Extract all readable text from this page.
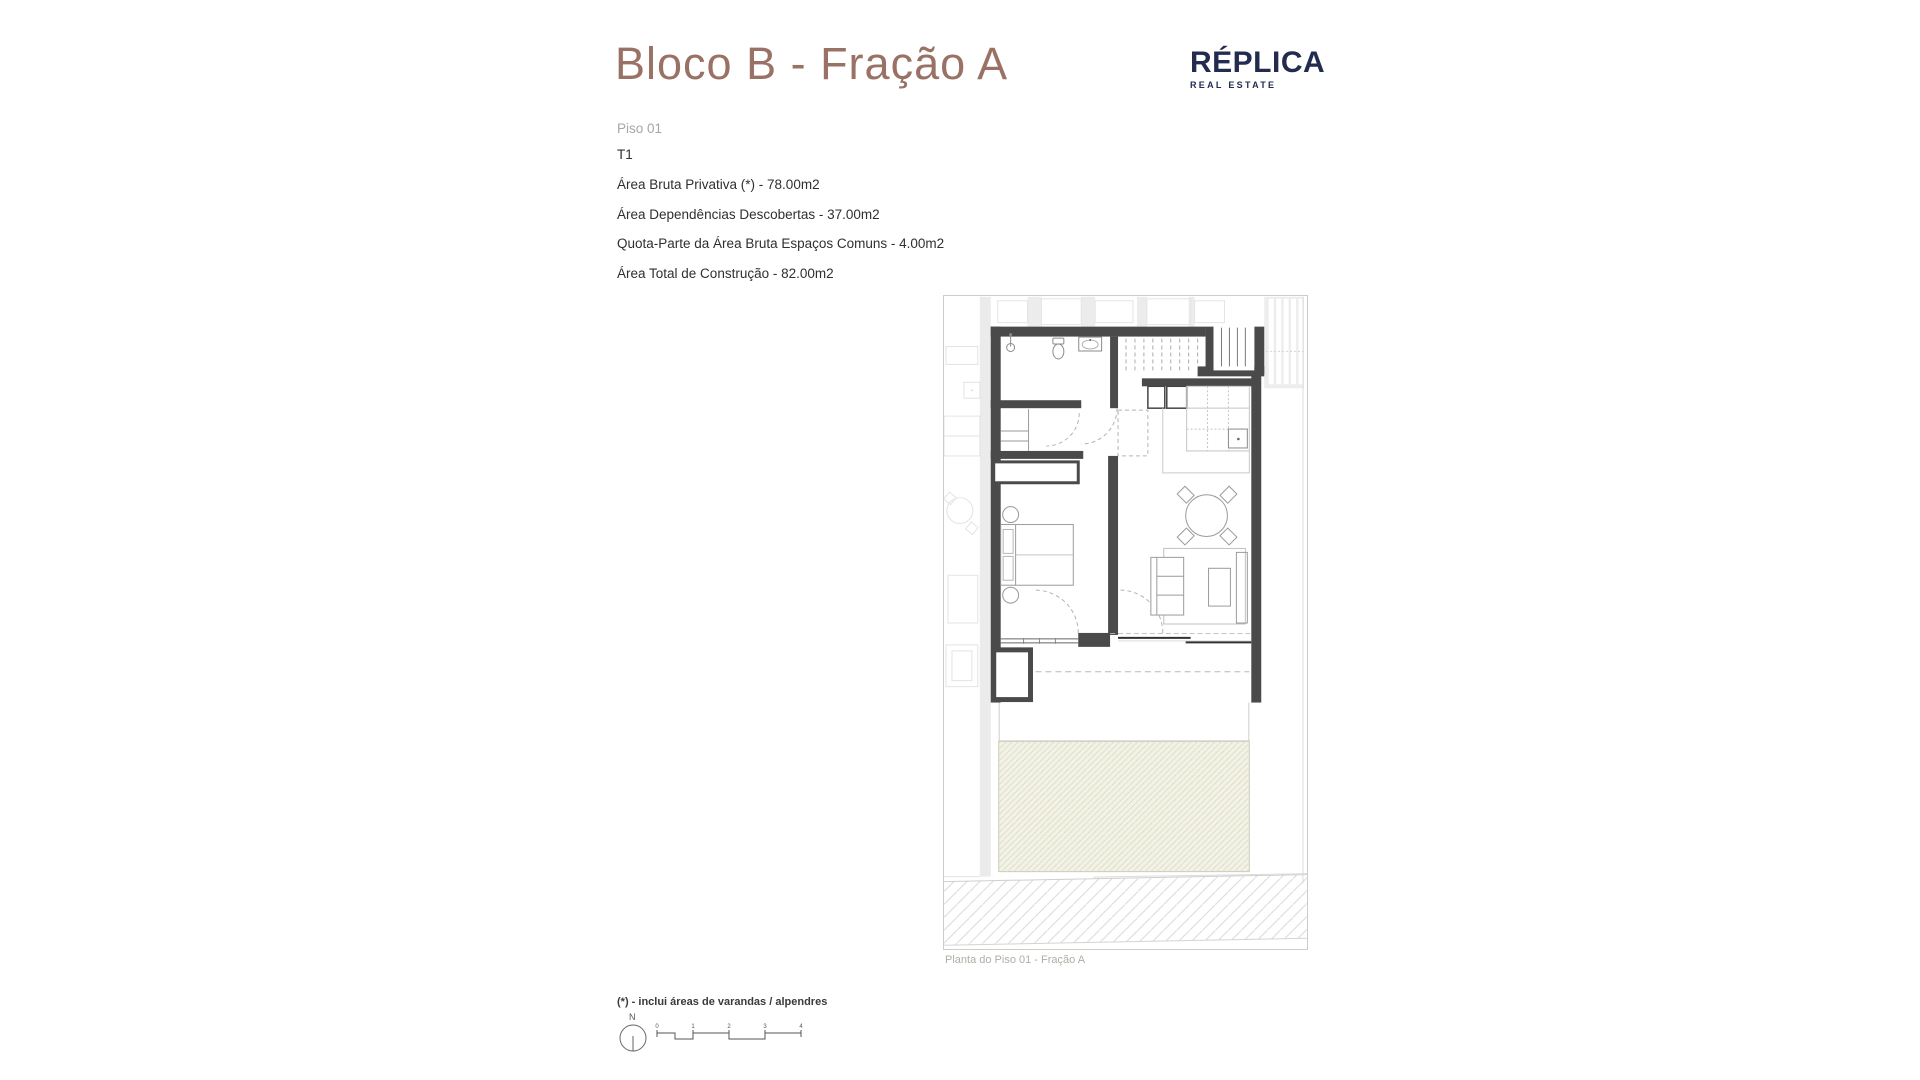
Bloco B - Fração A	RÉPLICA
REAL ESTATE
Piso 01
T1
Área Bruta Privativa (*) - 78.00m2
Área Dependências Descobertas - 37.00m2
Quota-Parte da Área Bruta Espaços Comuns - 4.00m2
Área Total de Construção - 82.00m2
Planta do Piso 01 - Fração A
(*) - inclui áreas de varandas / alpendres
N
0	1	2	3	4
